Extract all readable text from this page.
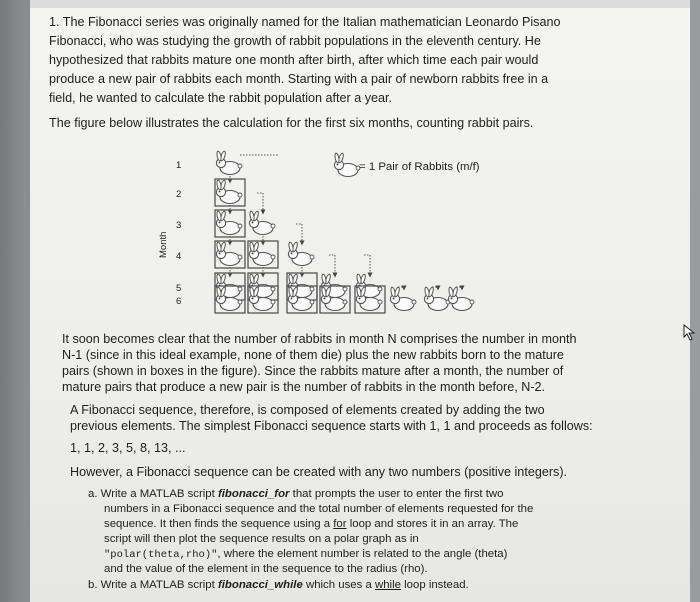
1. The Fibonacci series was originally named for the Italian mathematician Leonardo Pisano
Fibonacci, who was studying the growth of rabbit populations in the eleventh century. He
hypothesized that rabbits mature one month after birth, after which time each pair would
produce a new pair of rabbits each month. Starting with a pair of newborn rabbits free in a
field, he wanted to calculate the rabbit population after a year.
The figure below illustrates the calculation for the first six months, counting rabbit pairs.
1
2
3
4
5
6
Month
= 1 Pair of Rabbits (m/f)
It soon becomes clear that the number of rabbits in month N comprises the number in month
N-1 (since in this ideal example, none of them die) plus the new rabbits born to the mature
pairs (shown in boxes in the figure). Since the rabbits mature after a month, the number of
mature pairs that produce a new pair is the number of rabbits in the month before, N-2.
A Fibonacci sequence, therefore, is composed of elements created by adding the two
previous elements. The simplest Fibonacci sequence starts with 1, 1 and proceeds as follows:
1, 1, 2, 3, 5, 8, 13, ...
However, a Fibonacci sequence can be created with any two numbers (positive integers).
a. Write a MATLAB script fibonacci_for that prompts the user to enter the first two
numbers in a Fibonacci sequence and the total number of elements requested for the
sequence. It then finds the sequence using a for loop and stores it in an array. The
script will then plot the sequence results on a polar graph as in
"polar(theta,rho)", where the element number is related to the angle (theta)
and the value of the element in the sequence to the radius (rho).
b. Write a MATLAB script fibonacci_while which uses a while loop instead.
